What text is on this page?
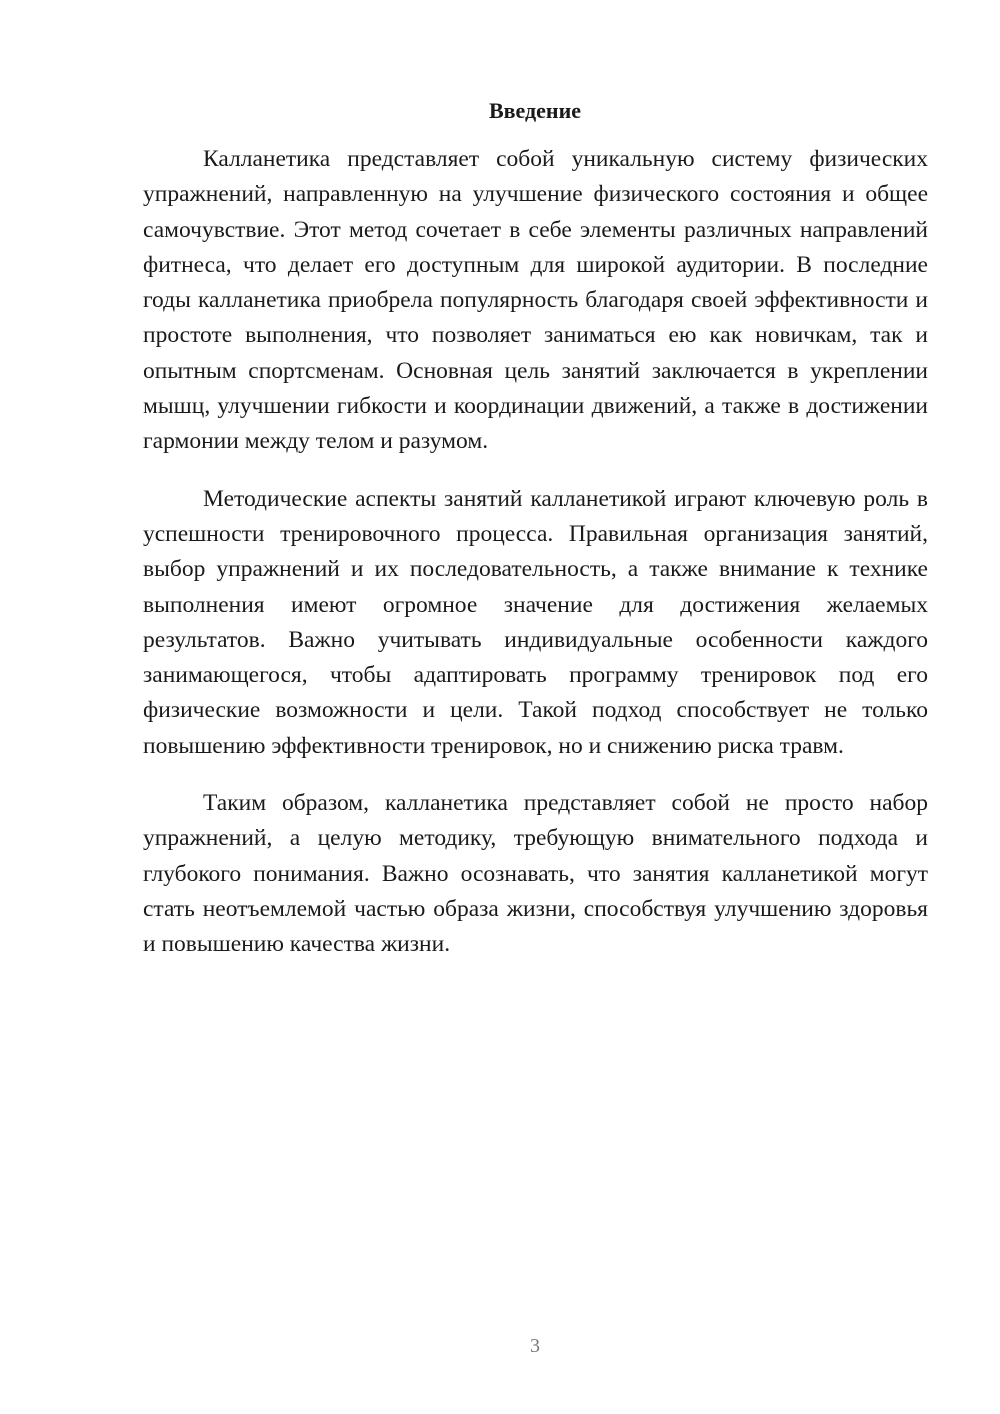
Введение

Калланетика представляет собой уникальную систему физических упражнений, направленную на улучшение физического состояния и общее самочувствие. Этот метод сочетает в себе элементы различных направлений фитнеса, что делает его доступным для широкой аудитории. В последние годы калланетика приобрела популярность благодаря своей эффективности и простоте выполнения, что позволяет заниматься ею как новичкам, так и опытным спортсменам. Основная цель занятий заключается в укреплении мышц, улучшении гибкости и координации движений, а также в достижении гармонии между телом и разумом.

Методические аспекты занятий калланетикой играют ключевую роль в успешности тренировочного процесса. Правильная организация занятий, выбор упражнений и их последовательность, а также внимание к технике выполнения имеют огромное значение для достижения желаемых результатов. Важно учитывать индивидуальные особенности каждого занимающегося, чтобы адаптировать программу тренировок под его физические возможности и цели. Такой подход способствует не только повышению эффективности тренировок, но и снижению риска травм.

Таким образом, калланетика представляет собой не просто набор упражнений, а целую методику, требующую внимательного подхода и глубокого понимания. Важно осознавать, что занятия калланетикой могут стать неотъемлемой частью образа жизни, способствуя улучшению здоровья и повышению качества жизни.

3
